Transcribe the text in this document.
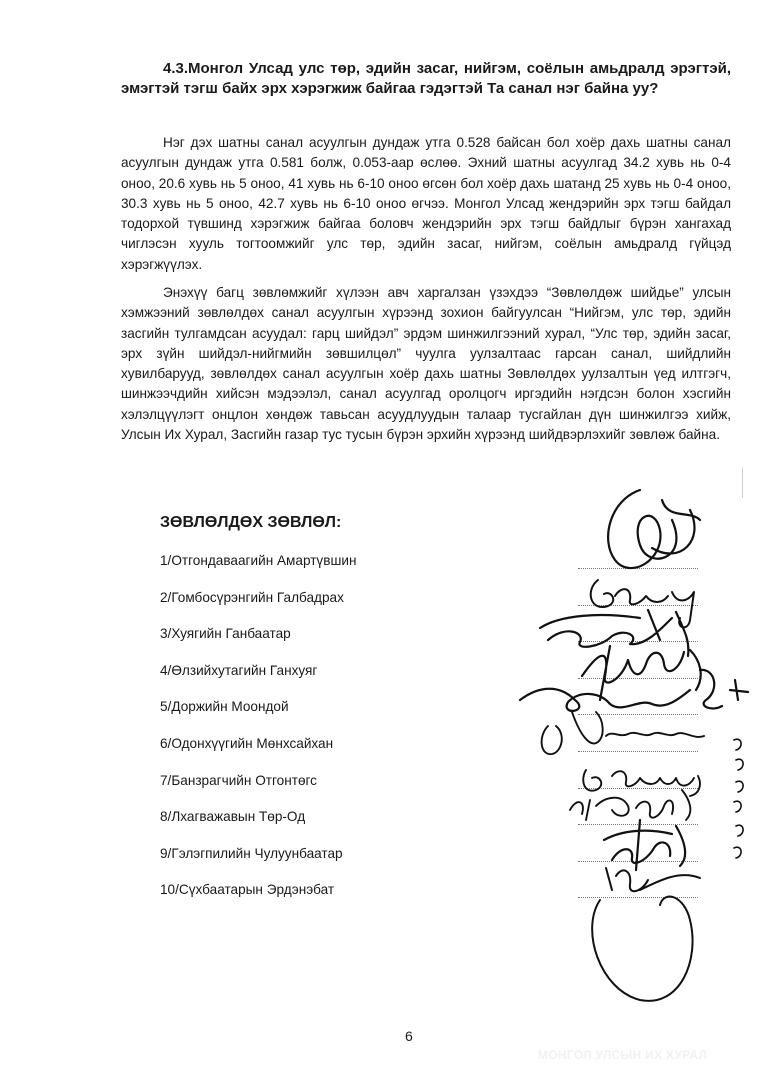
4.3.Монгол Улсад улс төр, эдийн засаг, нийгэм, соёлын амьдралд эрэгтэй, эмэгтэй тэгш байх эрх хэрэгжиж байгаа гэдэгтэй Та санал нэг байна уу?

Нэг дэх шатны санал асуулгын дундаж утга 0.528 байсан бол хоёр дахь шатны санал асуулгын дундаж утга 0.581 болж, 0.053-аар өслөө. Эхний шатны асуулгад 34.2 хувь нь 0-4 оноо, 20.6 хувь нь 5 оноо, 41 хувь нь 6-10 оноо өгсөн бол хоёр дахь шатанд 25 хувь нь 0-4 оноо, 30.3 хувь нь 5 оноо, 42.7 хувь нь 6-10 оноо өгчээ. Монгол Улсад жендэрийн эрх тэгш байдал тодорхой түвшинд хэрэгжиж байгаа боловч жендэрийн эрх тэгш байдлыг бүрэн хангахад чиглэсэн хууль тогтоомжийг улс төр, эдийн засаг, нийгэм, соёлын амьдралд гүйцэд хэрэгжүүлэх.

Энэхүү багц зөвлөмжийг хүлээн авч харгалзан үзэхдээ “Зөвлөлдөж шийдье” улсын хэмжээний зөвлөлдөх санал асуулгын хүрээнд зохион байгуулсан “Нийгэм, улс төр, эдийн засгийн тулгамдсан асуудал: гарц шийдэл” эрдэм шинжилгээний хурал, “Улс төр, эдийн засаг, эрх зүйн шийдэл-нийгмийн зөвшилцөл” чуулга уулзалтаас гарсан санал, шийдлийн хувилбарууд, зөвлөлдөх санал асуулгын хоёр дахь шатны Зөвлөлдөх уулзалтын үед илтгэгч, шинжээчдийн хийсэн мэдээлэл, санал асуулгад оролцогч иргэдийн нэгдсэн болон хэсгийн хэлэлцүүлэгт онцлон хөндөж тавьсан асуудлуудын талаар тусгайлан дүн шинжилгээ хийж, Улсын Их Хурал, Засгийн газар тус тусын бүрэн эрхийн хүрээнд шийдвэрлэхийг зөвлөж байна.

ЗӨВЛӨЛДӨХ ЗӨВЛӨЛ:

1/Отгондаваагийн Амартүвшин
2/Гомбосүрэнгийн Галбадрах
3/Хуягийн Ганбаатар
4/Өлзийхутагийн Ганхуяг
5/Доржийн Моондой
6/Одонхүүгийн Мөнхсайхан
7/Банзрагчийн Отгонтөгс
8/Лхагважавын Төр-Од
9/Гэлэгпилийн Чулуунбаатар
10/Сүхбаатарын Эрдэнэбат

6

МОНГОЛ УЛСЫН ИХ ХУРАЛ
